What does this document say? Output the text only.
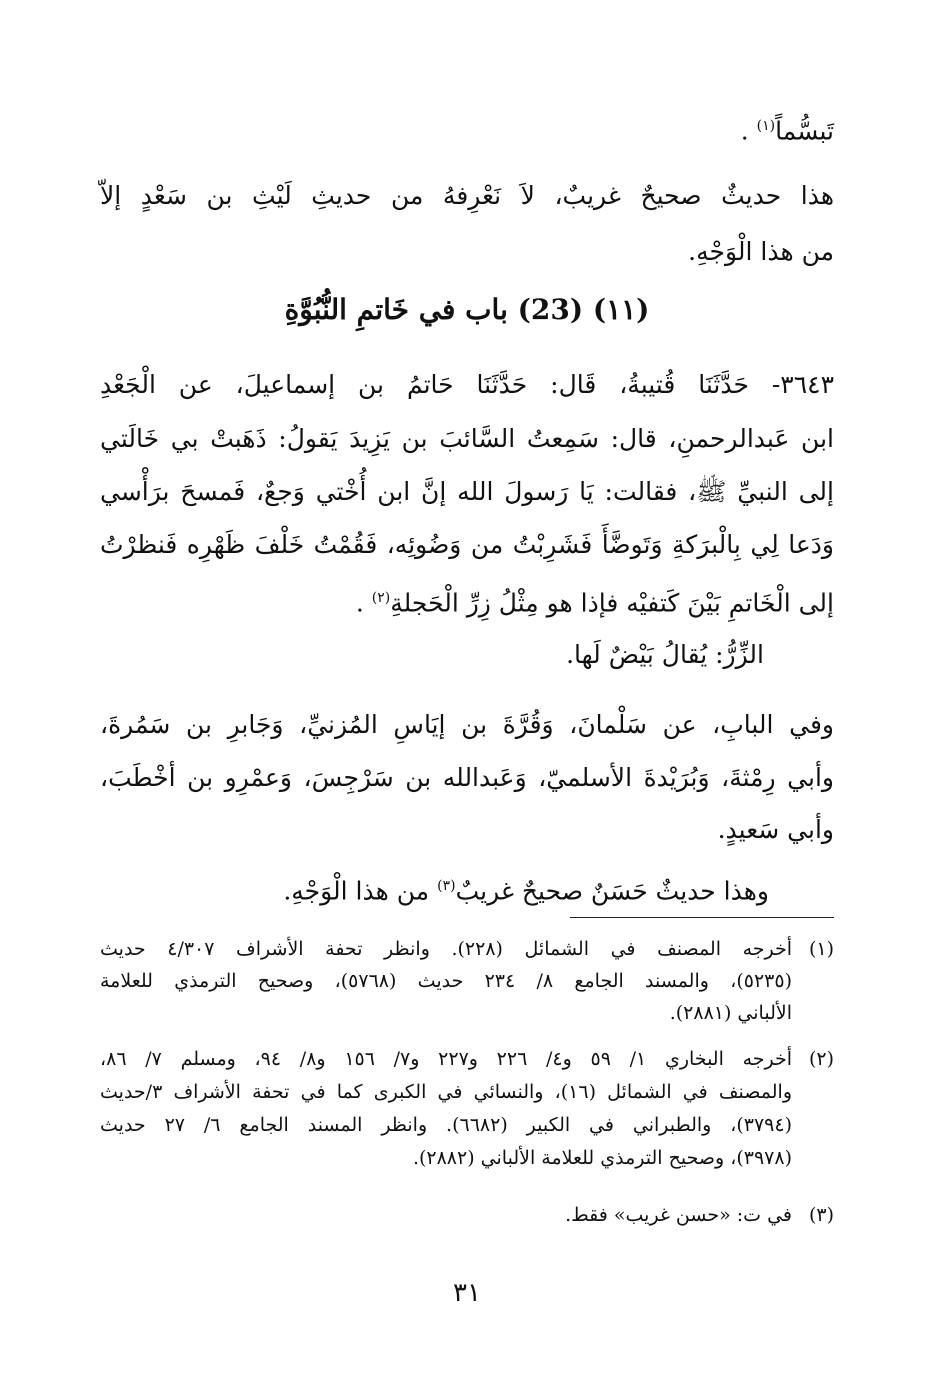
تَبسُّماً$^{(١)}$ .
هذا حديثٌ صحيحٌ غريبٌ، لاَ نَعْرِفهُ من حديثِ لَيْثِ بن سَعْدٍ إلاّ
من هذا الْوَجْهِ.
(١١) (23) باب في خَاتمِ النُّبُوَّةِ
٣٦٤٣- حَدَّثَنَا قُتيبةُ، قَال: حَدَّثَنَا حَاتمُ بن إسماعيلَ، عن الْجَعْدِ
ابن عَبدالرحمنِ، قال: سَمِعتُ السَّائبَ بن يَزِيدَ يَقولُ: ذَهَبتْ بي خَالَتي
إلى النبيِّ ﷺ، فقالت: يَا رَسولَ الله إنَّ ابن أُخْتي وَجعٌ، فَمسحَ برَأْسي
وَدَعا لِي بِالْبرَكةِ وَتَوضَّأَ فَشَرِبْتُ من وَضُوئِه، فَقُمْتُ خَلْفَ ظَهْرِه فَنظرْتُ
إلى الْخَاتمِ بَيْنَ كَتفيْه فإذا هو مِثْلُ زِرِّ الْحَجلةِ$^{(٢)}$ .
الزِّرُّ: يُقالُ بَيْضٌ لَها.
وفي البابِ، عن سَلْمانَ، وَقُرَّةَ بن إيَاسِ المُزنيِّ، وَجَابرِ بن سَمُرةَ،
وأبي رِمْثةَ، وَبُرَيْدةَ الأسلميّ، وَعَبدالله بن سَرْجِسَ، وَعمْرِو بن أخْطَبَ،
وأبي سَعيدٍ.
وهذا حديثٌ حَسَنٌ صحيحٌ غريبٌ$^{(٣)}$ من هذا الْوَجْهِ.
(١)
أخرجه المصنف في الشمائل (٢٢٨). وانظر تحفة الأشراف ٤/٣٠٧ حديث
(٥٢٣٥)، والمسند الجامع ٨/ ٢٣٤ حديث (٥٧٦٨)، وصحيح الترمذي للعلامة
الألباني (٢٨٨١).
(٢)
أخرجه البخاري ١/ ٥٩ و٤/ ٢٢٦ و٢٢٧ و٧/ ١٥٦ و٨/ ٩٤، ومسلم ٧/ ٨٦،
والمصنف في الشمائل (١٦)، والنسائي في الكبرى كما في تحفة الأشراف ٣/حديث
(٣٧٩٤)، والطبراني في الكبير (٦٦٨٢). وانظر المسند الجامع ٦/ ٢٧ حديث
(٣٩٧٨)، وصحيح الترمذي للعلامة الألباني (٢٨٨٢).
(٣)
في ت: «حسن غريب» فقط.
٣١
